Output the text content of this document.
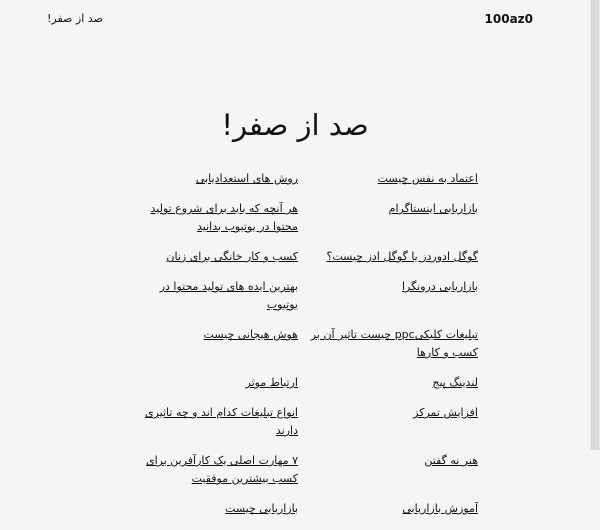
100az0
صد از صفر!
صد از صفر!
اعتماد به نفس چیست
روش های استعدادیابی
بازاریابی اینستاگرام
هر آنچه که باید برای شروع تولید محتوا در یوتیوب بدانید
گوگل ادوردز یا گوگل ادز چیست؟
کسب و کار خانگی برای زنان
بازاریابی درونگرا
بهترین ایده های تولید محتوا در یوتیوب
تبلیغات کلیکیppc چیست تاثیر آن بر کسب و کارها
هوش هیجانی چیست
لندینگ پیج
ارتباط موثر
افزایش تمرکز
انواع تبلیغات کدام اند و چه تاثیری دارند
هنر نه گفتن
۷ مهارت اصلی یک کارآفرین برای کسب بیشترین موفقیت
آموزش بازاریابی
بازاریابی چیست
